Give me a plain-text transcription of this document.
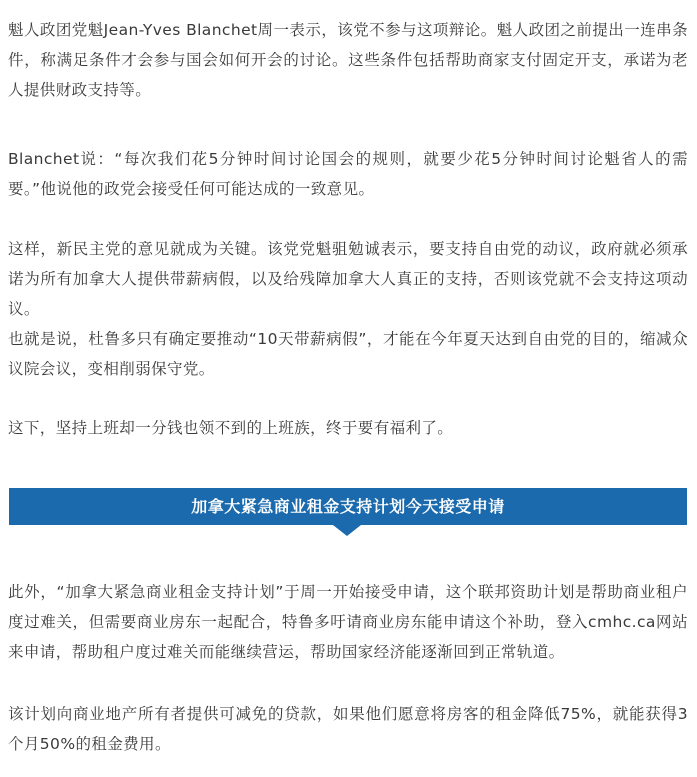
魁人政团党魁Jean-Yves Blanchet周一表示，该党不参与这项辩论。魁人政团之前提出一连串条件，称满足条件才会参与国会如何开会的讨论。这些条件包括帮助商家支付固定开支，承诺为老人提供财政支持等。

Blanchet说：“每次我们花5分钟时间讨论国会的规则，就要少花5分钟时间讨论魁省人的需要。”他说他的政党会接受任何可能达成的一致意见。

这样，新民主党的意见就成为关键。该党党魁驵勉诚表示，要支持自由党的动议，政府就必须承诺为所有加拿大人提供带薪病假，以及给残障加拿大人真正的支持，否则该党就不会支持这项动议。

也就是说，杜鲁多只有确定要推动“10天带薪病假”，才能在今年夏天达到自由党的目的，缩减众议院会议，变相削弱保守党。

这下，坚持上班却一分钱也领不到的上班族，终于要有福利了。

加拿大紧急商业租金支持计划今天接受申请

此外，“加拿大紧急商业租金支持计划”于周一开始接受申请，这个联邦资助计划是帮助商业租户度过难关，但需要商业房东一起配合，特鲁多吁请商业房东能申请这个补助，登入cmhc.ca网站来申请，帮助租户度过难关而能继续营运，帮助国家经济能逐渐回到正常轨道。

该计划向商业地产所有者提供可减免的贷款，如果他们愿意将房客的租金降低75%，就能获得3个月50%的租金费用。
